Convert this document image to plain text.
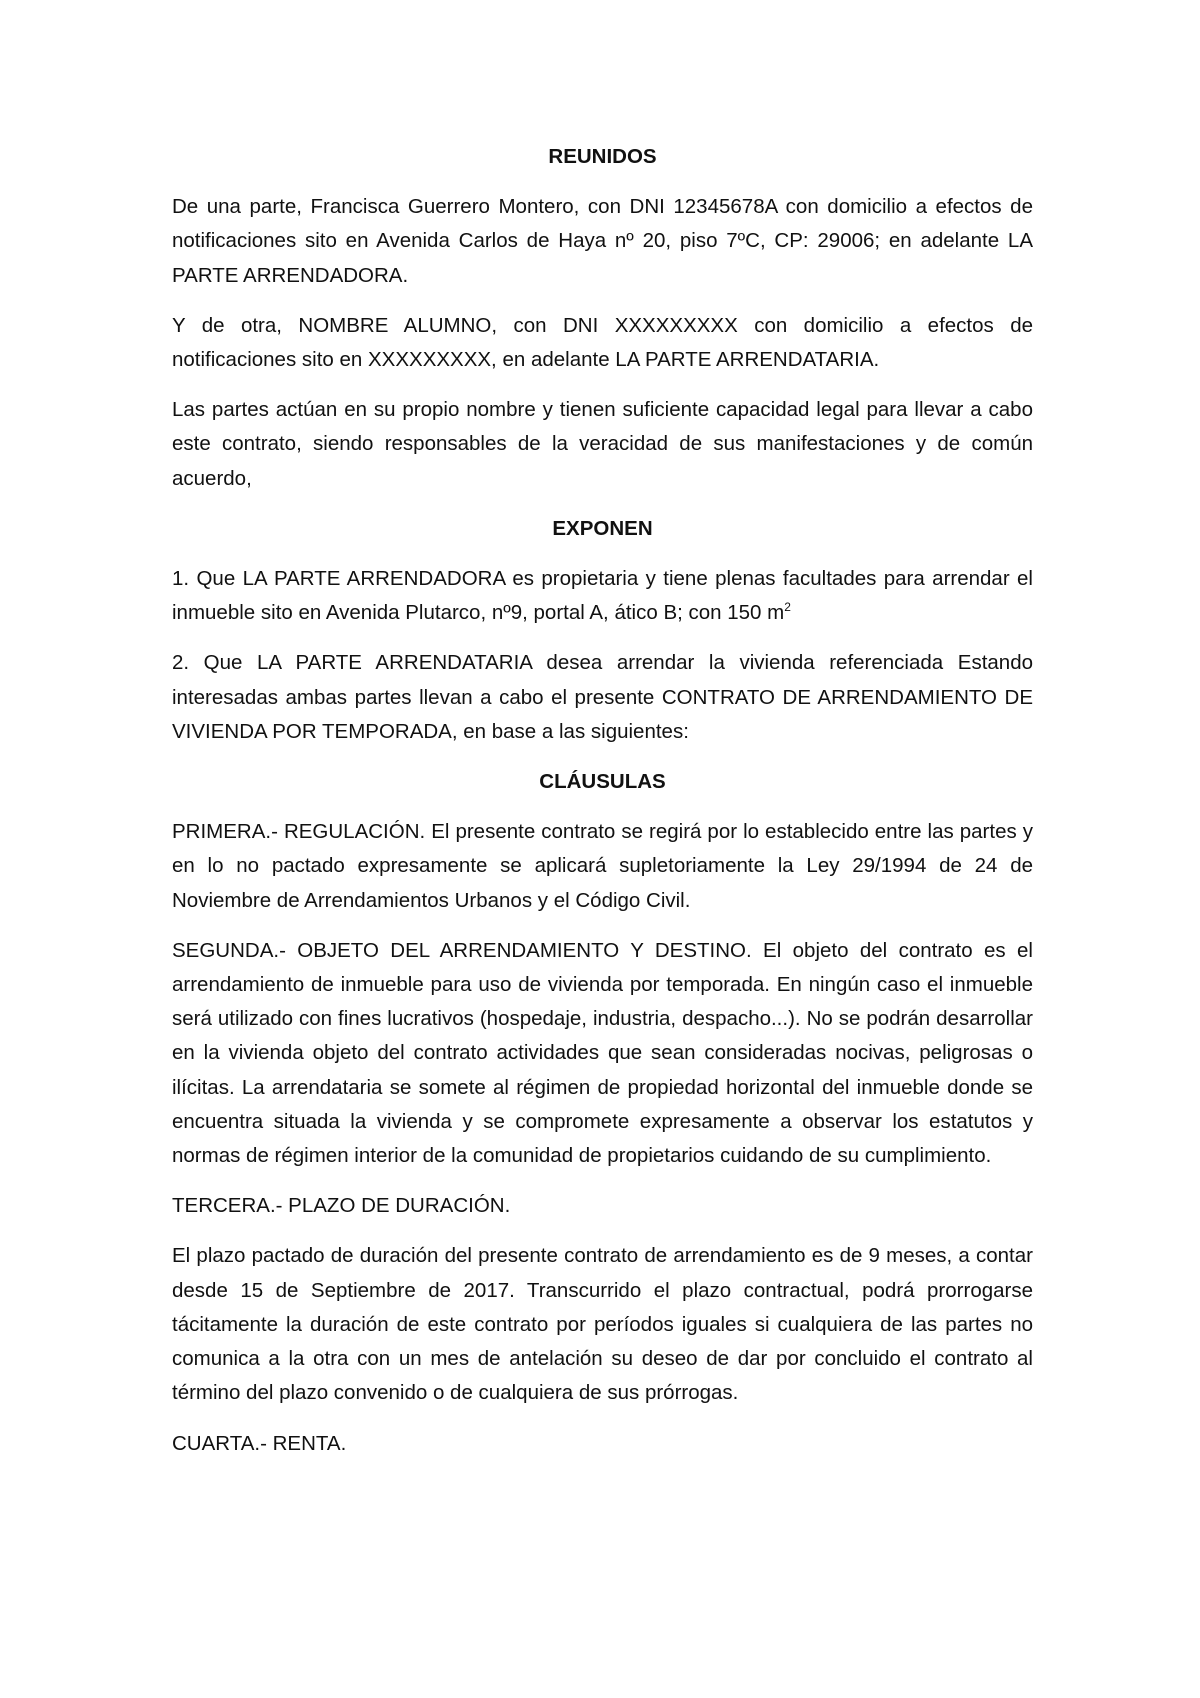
REUNIDOS
De una parte, Francisca Guerrero Montero, con DNI 12345678A con domicilio a efectos de notificaciones sito en Avenida Carlos de Haya nº 20, piso 7ºC, CP: 29006; en adelante LA PARTE ARRENDADORA.
Y de otra, NOMBRE ALUMNO, con DNI XXXXXXXXX con domicilio a efectos de notificaciones sito en XXXXXXXXX, en adelante LA PARTE ARRENDATARIA.
Las partes actúan en su propio nombre y tienen suficiente capacidad legal para llevar a cabo este contrato, siendo responsables de la veracidad de sus manifestaciones y de común acuerdo,
EXPONEN
1. Que LA PARTE ARRENDADORA es propietaria y tiene plenas facultades para arrendar el inmueble sito en Avenida Plutarco, nº9, portal A, ático B; con 150 $m^2$
2. Que LA PARTE ARRENDATARIA desea arrendar la vivienda referenciada Estando interesadas ambas partes llevan a cabo el presente CONTRATO DE ARRENDAMIENTO DE VIVIENDA POR TEMPORADA, en base a las siguientes:
CLÁUSULAS
PRIMERA.- REGULACIÓN. El presente contrato se regirá por lo establecido entre las partes y en lo no pactado expresamente se aplicará supletoriamente la Ley 29/1994 de 24 de Noviembre de Arrendamientos Urbanos y el Código Civil.
SEGUNDA.- OBJETO DEL ARRENDAMIENTO Y DESTINO. El objeto del contrato es el arrendamiento de inmueble para uso de vivienda por temporada. En ningún caso el inmueble será utilizado con fines lucrativos (hospedaje, industria, despacho...). No se podrán desarrollar en la vivienda objeto del contrato actividades que sean consideradas nocivas, peligrosas o ilícitas. La arrendataria se somete al régimen de propiedad horizontal del inmueble donde se encuentra situada la vivienda y se compromete expresamente a observar los estatutos y normas de régimen interior de la comunidad de propietarios cuidando de su cumplimiento.
TERCERA.- PLAZO DE DURACIÓN.
El plazo pactado de duración del presente contrato de arrendamiento es de 9 meses, a contar desde 15 de Septiembre de 2017. Transcurrido el plazo contractual, podrá prorrogarse tácitamente la duración de este contrato por períodos iguales si cualquiera de las partes no comunica a la otra con un mes de antelación su deseo de dar por concluido el contrato al término del plazo convenido o de cualquiera de sus prórrogas.
CUARTA.- RENTA.
